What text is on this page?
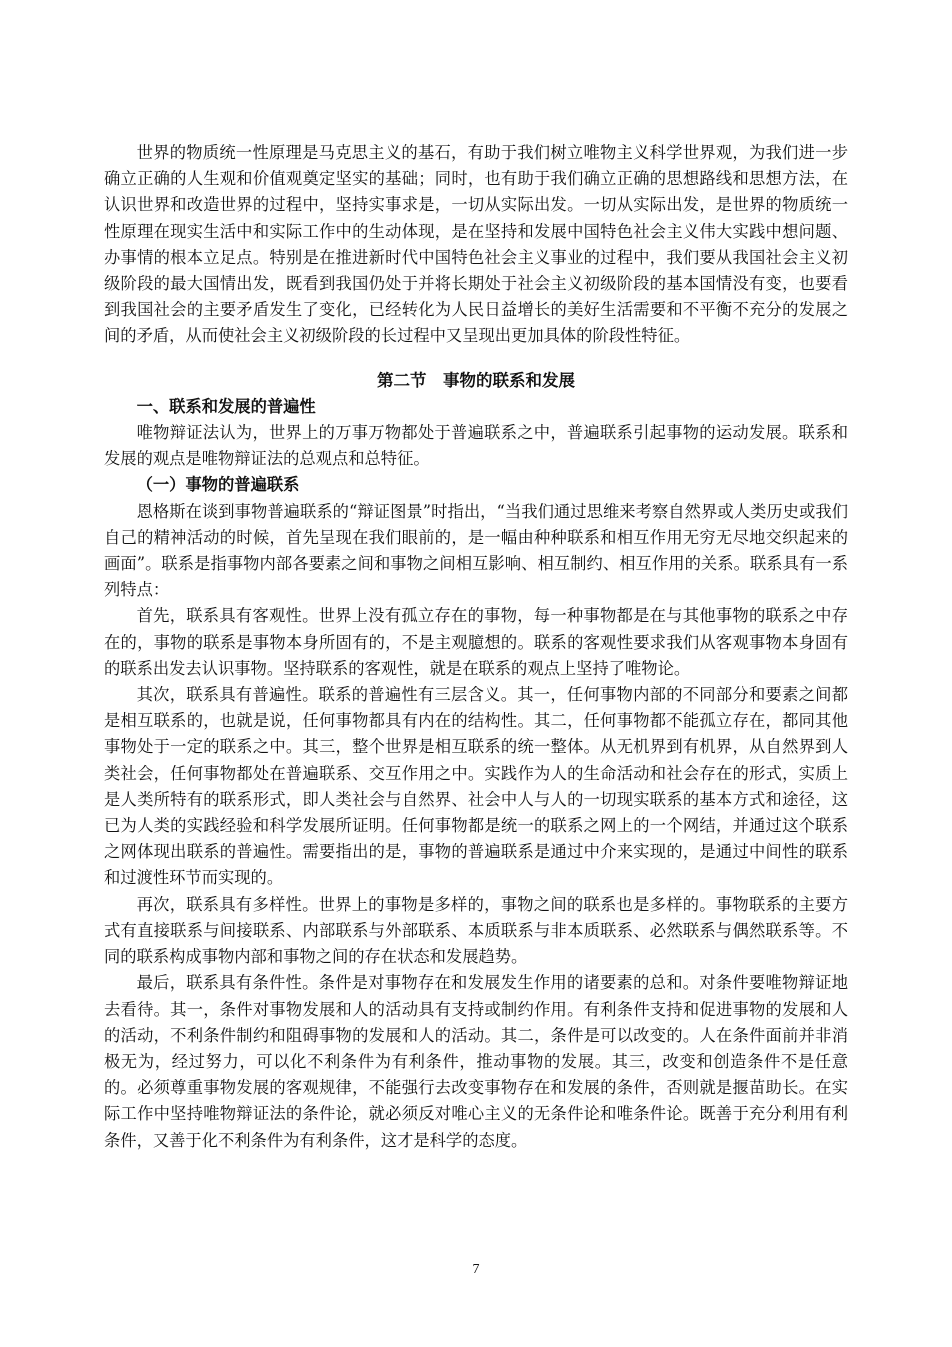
世界的物质统一性原理是马克思主义的基石，有助于我们树立唯物主义科学世界观，为我们进一步确立正确的人生观和价值观奠定坚实的基础；同时，也有助于我们确立正确的思想路线和思想方法，在认识世界和改造世界的过程中，坚持实事求是，一切从实际出发。一切从实际出发，是世界的物质统一性原理在现实生活中和实际工作中的生动体现，是在坚持和发展中国特色社会主义伟大实践中想问题、办事情的根本立足点。特别是在推进新时代中国特色社会主义事业的过程中，我们要从我国社会主义初级阶段的最大国情出发，既看到我国仍处于并将长期处于社会主义初级阶段的基本国情没有变，也要看到我国社会的主要矛盾发生了变化，已经转化为人民日益增长的美好生活需要和不平衡不充分的发展之间的矛盾，从而使社会主义初级阶段的长过程中又呈现出更加具体的阶段性特征。

第二节　事物的联系和发展
一、联系和发展的普遍性

唯物辩证法认为，世界上的万事万物都处于普遍联系之中，普遍联系引起事物的运动发展。联系和发展的观点是唯物辩证法的总观点和总特征。

（一）事物的普遍联系

恩格斯在谈到事物普遍联系的“辩证图景”时指出，“当我们通过思维来考察自然界或人类历史或我们自己的精神活动的时候，首先呈现在我们眼前的，是一幅由种种联系和相互作用无穷无尽地交织起来的画面”。联系是指事物内部各要素之间和事物之间相互影响、相互制约、相互作用的关系。联系具有一系列特点：

首先，联系具有客观性。世界上没有孤立存在的事物，每一种事物都是在与其他事物的联系之中存在的，事物的联系是事物本身所固有的，不是主观臆想的。联系的客观性要求我们从客观事物本身固有的联系出发去认识事物。坚持联系的客观性，就是在联系的观点上坚持了唯物论。

其次，联系具有普遍性。联系的普遍性有三层含义。其一，任何事物内部的不同部分和要素之间都是相互联系的，也就是说，任何事物都具有内在的结构性。其二，任何事物都不能孤立存在，都同其他事物处于一定的联系之中。其三，整个世界是相互联系的统一整体。从无机界到有机界，从自然界到人类社会，任何事物都处在普遍联系、交互作用之中。实践作为人的生命活动和社会存在的形式，实质上是人类所特有的联系形式，即人类社会与自然界、社会中人与人的一切现实联系的基本方式和途径，这已为人类的实践经验和科学发展所证明。任何事物都是统一的联系之网上的一个网结，并通过这个联系之网体现出联系的普遍性。需要指出的是，事物的普遍联系是通过中介来实现的，是通过中间性的联系和过渡性环节而实现的。

再次，联系具有多样性。世界上的事物是多样的，事物之间的联系也是多样的。事物联系的主要方式有直接联系与间接联系、内部联系与外部联系、本质联系与非本质联系、必然联系与偶然联系等。不同的联系构成事物内部和事物之间的存在状态和发展趋势。

最后，联系具有条件性。条件是对事物存在和发展发生作用的诸要素的总和。对条件要唯物辩证地去看待。其一，条件对事物发展和人的活动具有支持或制约作用。有利条件支持和促进事物的发展和人的活动，不利条件制约和阻碍事物的发展和人的活动。其二，条件是可以改变的。人在条件面前并非消极无为，经过努力，可以化不利条件为有利条件，推动事物的发展。其三，改变和创造条件不是任意的。必须尊重事物发展的客观规律，不能强行去改变事物存在和发展的条件，否则就是揠苗助长。在实际工作中坚持唯物辩证法的条件论，就必须反对唯心主义的无条件论和唯条件论。既善于充分利用有利条件，又善于化不利条件为有利条件，这才是科学的态度。

7
